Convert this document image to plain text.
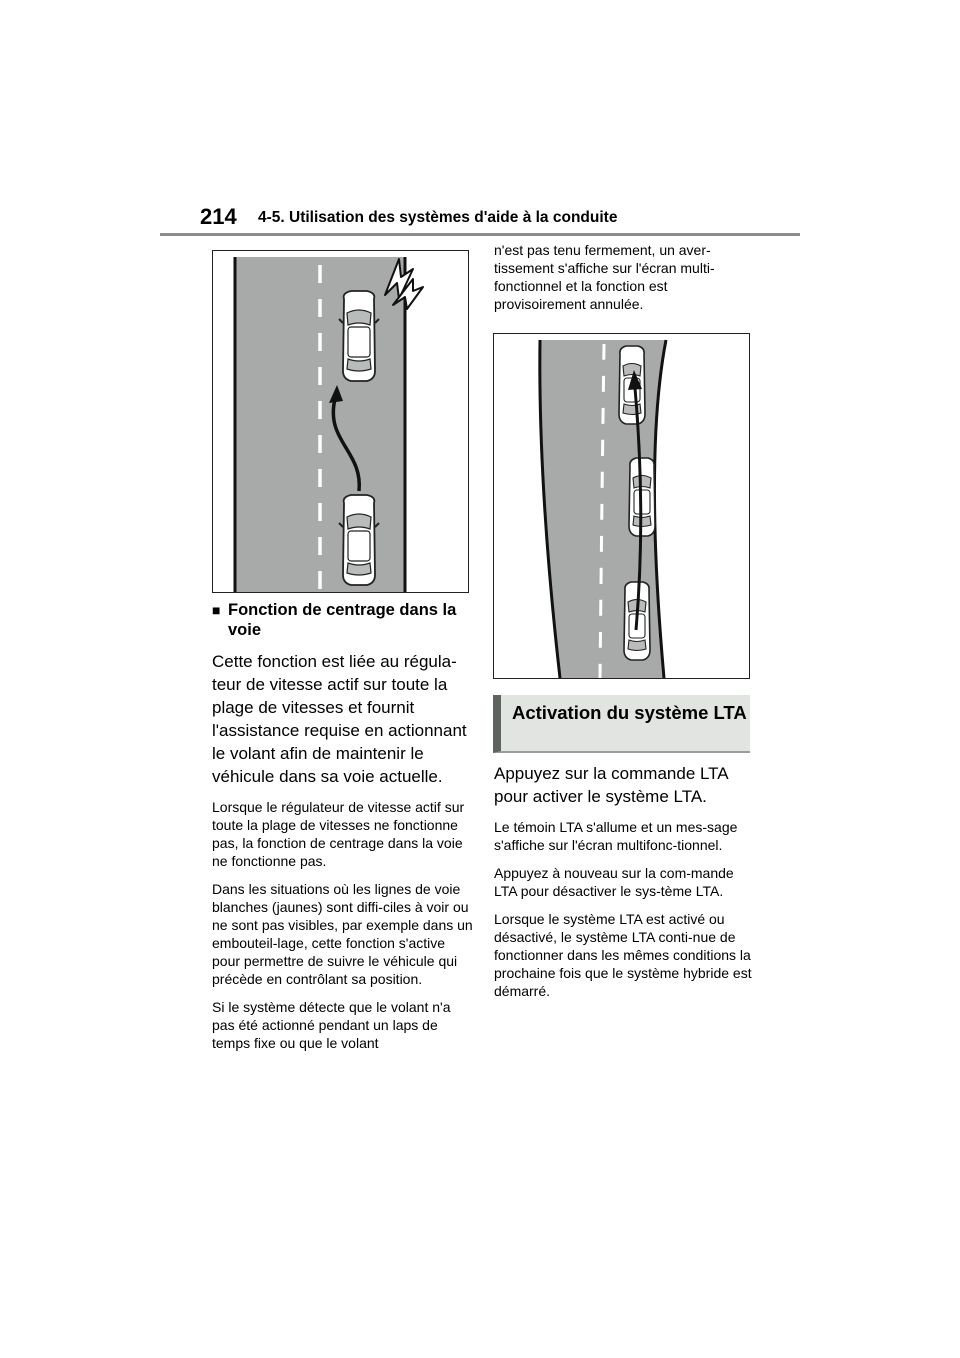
214 4-5. Utilisation des systèmes d'aide à la conduite
■ Fonction de centrage dans la voie

Cette fonction est liée au régula-teur de vitesse actif sur toute la plage de vitesses et fournit l'assistance requise en actionnant le volant afin de maintenir le véhicule dans sa voie actuelle.

Lorsque le régulateur de vitesse actif sur toute la plage de vitesses ne fonctionne pas, la fonction de centrage dans la voie ne fonctionne pas.

Dans les situations où les lignes de voie blanches (jaunes) sont diffi-ciles à voir ou ne sont pas visibles, par exemple dans un embouteil-lage, cette fonction s'active pour permettre de suivre le véhicule qui précède en contrôlant sa position.

Si le système détecte que le volant n'a pas été actionné pendant un laps de temps fixe ou que le volant

n'est pas tenu fermement, un aver-tissement s'affiche sur l'écran multi-fonctionnel et la fonction est provisoirement annulée.

Activation du système LTA

Appuyez sur la commande LTA pour activer le système LTA.

Le témoin LTA s'allume et un mes-sage s'affiche sur l'écran multifonc-tionnel.

Appuyez à nouveau sur la com-mande LTA pour désactiver le sys-tème LTA.

Lorsque le système LTA est activé ou désactivé, le système LTA conti-nue de fonctionner dans les mêmes conditions la prochaine fois que le système hybride est démarré.
